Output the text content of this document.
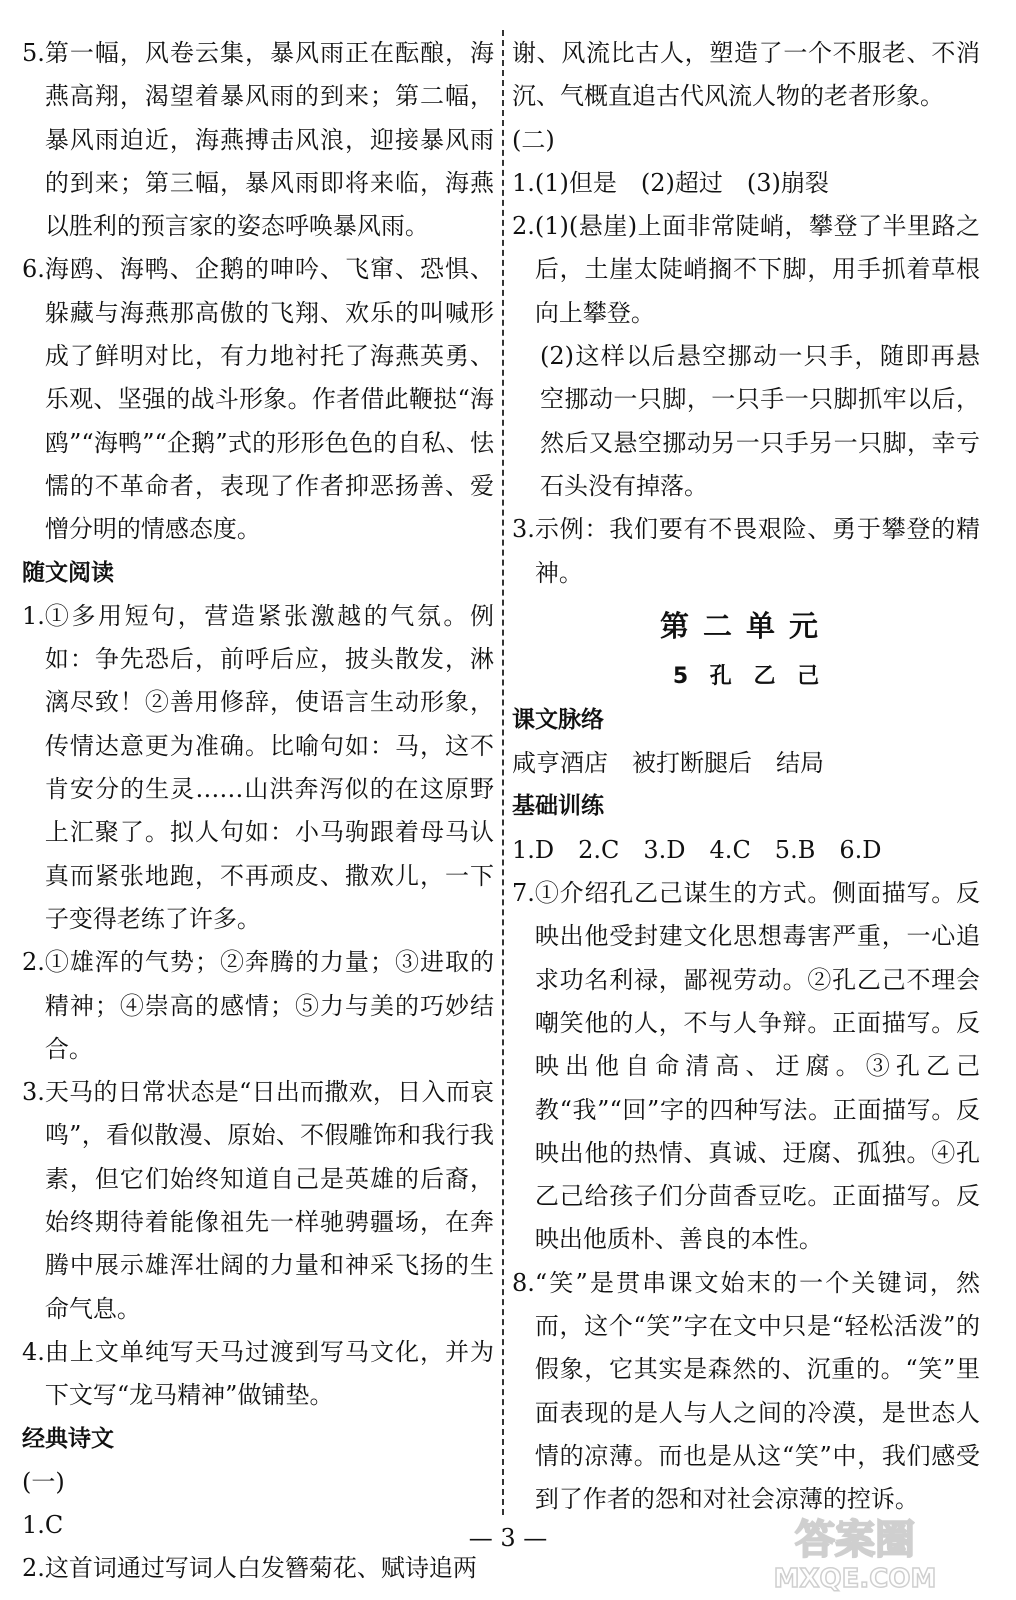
5. 第一幅，风卷云集，暴风雨正在酝酿，海燕高翔，渴望着暴风雨的到来；第二幅，暴风雨迫近，海燕搏击风浪，迎接暴风雨的到来；第三幅，暴风雨即将来临，海燕以胜利的预言家的姿态呼唤暴风雨。
6. 海鸥、海鸭、企鹅的呻吟、飞窜、恐惧、躲藏与海燕那高傲的飞翔、欢乐的叫喊形成了鲜明对比，有力地衬托了海燕英勇、乐观、坚强的战斗形象。作者借此鞭挞“海鸥”“海鸭”“企鹅”式的形形色色的自私、怯懦的不革命者，表现了作者抑恶扬善、爱憎分明的情感态度。
随文阅读
1. ①多用短句，营造紧张激越的气氛。例如：争先恐后，前呼后应，披头散发，淋漓尽致！②善用修辞，使语言生动形象，传情达意更为准确。比喻句如：马，这不肯安分的生灵……山洪奔泻似的在这原野上汇聚了。拟人句如：小马驹跟着母马认真而紧张地跑，不再顽皮、撒欢儿，一下子变得老练了许多。
2. ①雄浑的气势；②奔腾的力量；③进取的精神；④崇高的感情；⑤力与美的巧妙结合。
3. 天马的日常状态是“日出而撒欢，日入而哀鸣”，看似散漫、原始、不假雕饰和我行我素，但它们始终知道自己是英雄的后裔，始终期待着能像祖先一样驰骋疆场，在奔腾中展示雄浑壮阔的力量和神采飞扬的生命气息。
4. 由上文单纯写天马过渡到写马文化，并为下文写“龙马精神”做铺垫。
经典诗文
(一)
1. C
2. 这首词通过写词人白发簪菊花、赋诗追两
谢、风流比古人，塑造了一个不服老、不消沉、气概直追古代风流人物的老者形象。
(二)
1. (1)但是　(2)超过　(3)崩裂
2. (1)(悬崖)上面非常陡峭，攀登了半里路之后，土崖太陡峭搁不下脚，用手抓着草根向上攀登。
(2)这样以后悬空挪动一只手，随即再悬空挪动一只脚，一只手一只脚抓牢以后，然后又悬空挪动另一只手另一只脚，幸亏石头没有掉落。
3. 示例：我们要有不畏艰险、勇于攀登的精神。
第二单元
5 孔 乙 己
课文脉络
咸亨酒店　被打断腿后　结局
基础训练
1.D　2.C　3.D　4.C　5.B　6.D
7. ①介绍孔乙己谋生的方式。侧面描写。反映出他受封建文化思想毒害严重，一心追求功名利禄，鄙视劳动。②孔乙己不理会嘲笑他的人，不与人争辩。正面描写。反映出他自命清高、迂腐。③孔乙己教“我”“回”字的四种写法。正面描写。反映出他的热情、真诚、迂腐、孤独。④孔乙己给孩子们分茴香豆吃。正面描写。反映出他质朴、善良的本性。
8. “笑”是贯串课文始末的一个关键词，然而，这个“笑”字在文中只是“轻松活泼”的假象，它其实是森然的、沉重的。“笑”里面表现的是人与人之间的冷漠，是世态人情的凉薄。而也是从这“笑”中，我们感受到了作者的怨和对社会凉薄的控诉。
— 3 —	答案圈
MXQE.COM
